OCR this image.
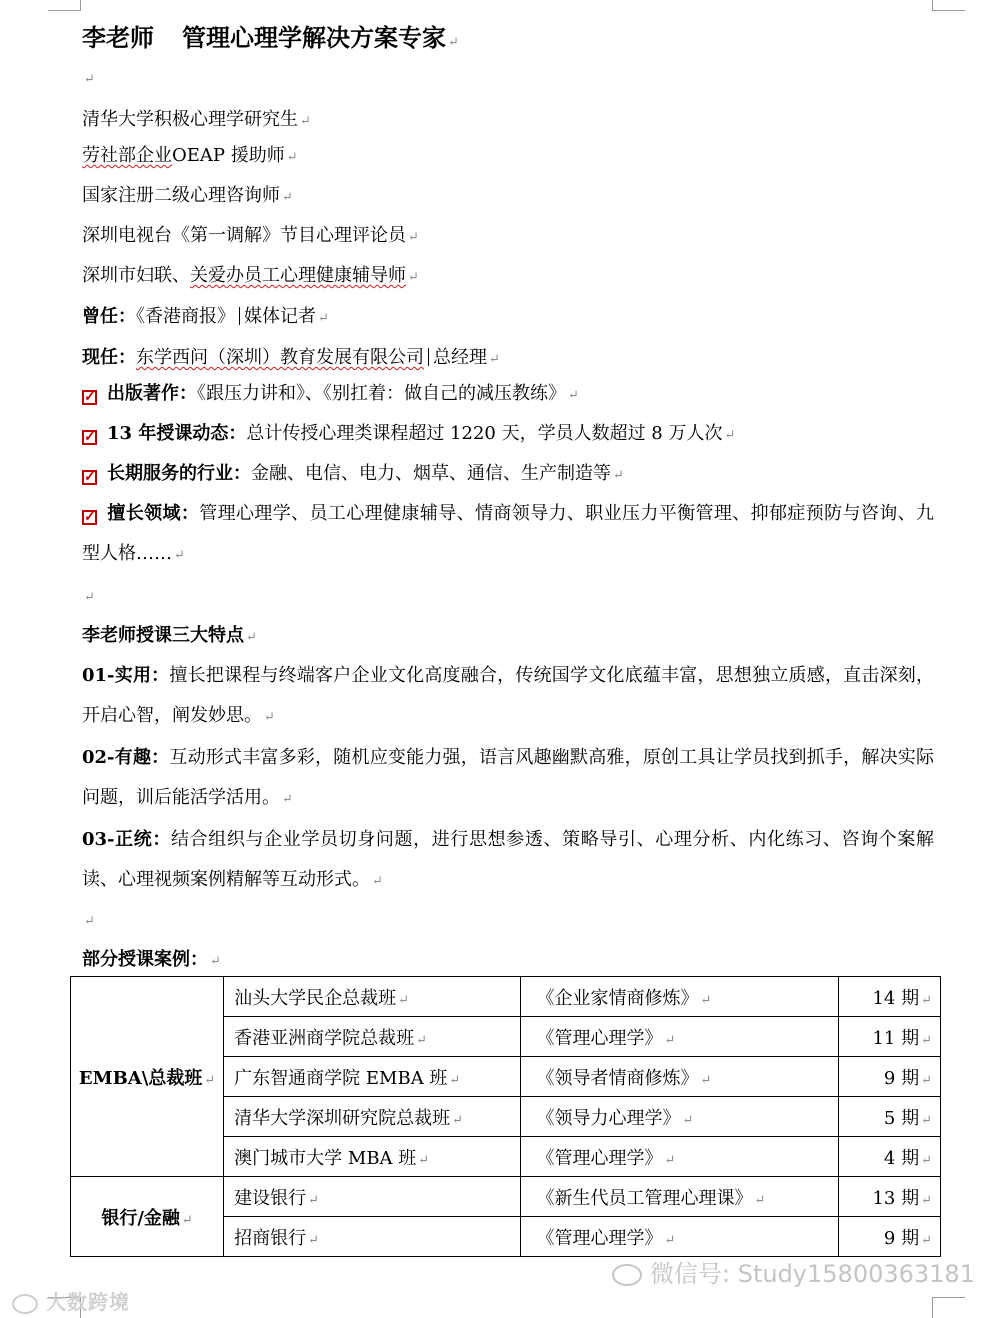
李老师 管理心理学解决方案专家 ↵
↵
清华大学积极心理学研究生 ↵
劳社部企业OEAP 援助师 ↵
国家注册二级心理咨询师 ↵
深圳电视台《第一调解》节目心理评论员 ↵
深圳市妇联、关爱办员工心理健康辅导师 ↵
曾任：《香港商报》 媒体记者 ↵
现任：东学西问（深圳）教育发展有限公司 总经理 ↵
✓ 出版著作：《跟压力讲和》、《别扛着：做自己的减压教练》 ↵
✓ 13 年授课动态：总计传授心理类课程超过 1220 天，学员人数超过 8 万人次 ↵
✓ 长期服务的行业：金融、电信、电力、烟草、通信、生产制造等 ↵
✓ 擅长领域：管理心理学、员工心理健康辅导、情商领导力、职业压力平衡管理、抑郁症预防与咨询、九型人格…… ↵
↵
李老师授课三大特点 ↵
01-实用：擅长把课程与终端客户企业文化高度融合，传统国学文化底蕴丰富，思想独立质感，直击深刻，开启心智，阐发妙思。 ↵
02-有趣：互动形式丰富多彩，随机应变能力强，语言风趣幽默高雅，原创工具让学员找到抓手，解决实际问题，训后能活学活用。 ↵
03-正统：结合组织与企业学员切身问题，进行思想参透、策略导引、心理分析、内化练习、咨询个案解读、心理视频案例精解等互动形式。 ↵
↵
部分授课案例： ↵
EMBA\总裁班 ↵	汕头大学民企总裁班 ↵	《企业家情商修炼》 ↵	14 期 ↵
	香港亚洲商学院总裁班 ↵	《管理心理学》 ↵	11 期 ↵
	广东智通商学院 EMBA 班 ↵	《领导者情商修炼》 ↵	9 期 ↵
	清华大学深圳研究院总裁班 ↵	《领导力心理学》 ↵	5 期 ↵
	澳门城市大学 MBA 班 ↵	《管理心理学》 ↵	4 期 ↵
银行/金融 ↵	建设银行 ↵	《新生代员工管理心理课》 ↵	13 期 ↵
	招商银行 ↵	《管理心理学》 ↵	9 期 ↵
大数跨境
微信号: Study15800363181
